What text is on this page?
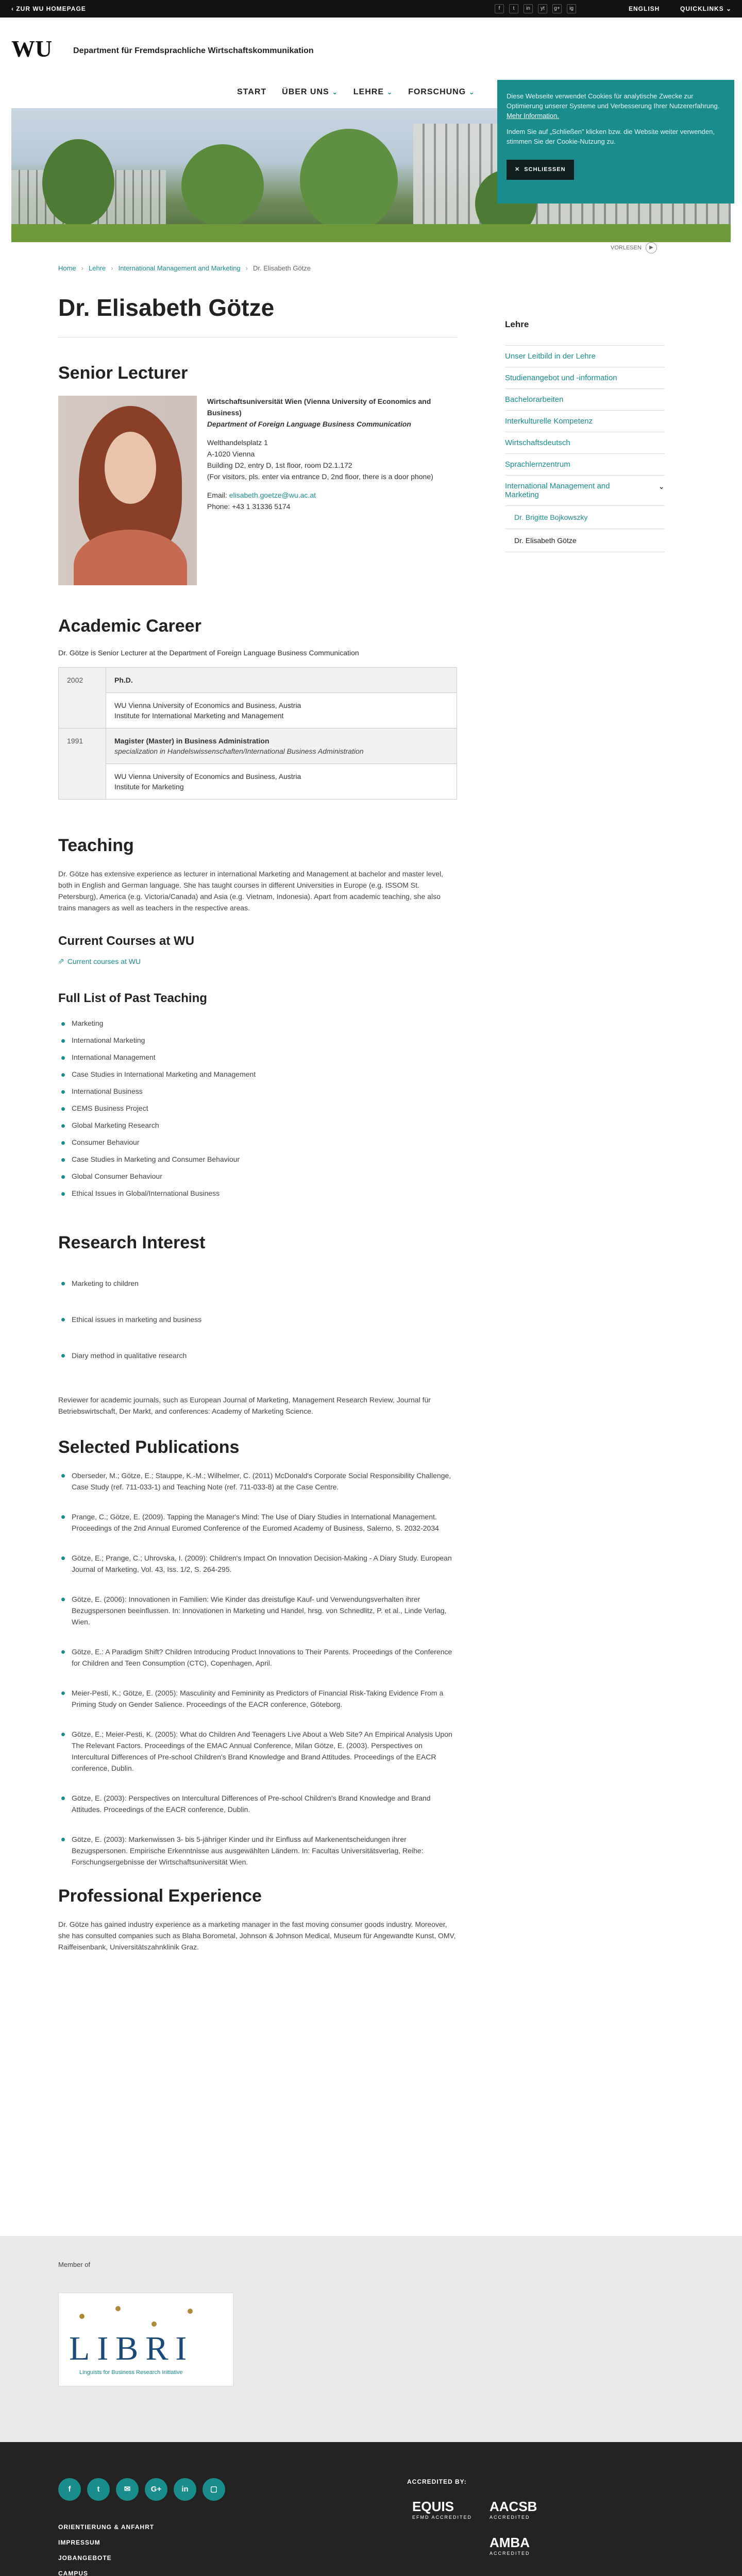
‹ ZUR WU HOMEPAGE	f	t	in	yt	g+	ig	ENGLISH	QUICKLINKS ⌄
WU	Department für Fremdsprachliche Wirtschaftskommunikation
START ÜBER UNS ⌄ LEHRE ⌄ FORSCHUNG ⌄	Diese Webseite verwendet Cookies für analytische Zwecke zur Optimierung unserer Systeme und Verbesserung Ihrer Nutzererfahrung. Mehr Information.

Indem Sie auf „Schließen" klicken bzw. die Website weiter verwenden, stimmen Sie der Cookie-Nutzung zu.

✕ SCHLIESSEN
VORLESEN	▶
Home › Lehre › International Management and Marketing › Dr. Elisabeth Götze
Dr. Elisabeth Götze
Senior Lecturer
Wirtschaftsuniversität Wien (Vienna University of Economics and Business)
Department of Foreign Language Business Communication
Welthandelsplatz 1
A-1020 Vienna
Building D2, entry D, 1st floor, room D2.1.172
(For visitors, pls. enter via entrance D, 2nd floor, there is a door phone)
Email: elisabeth.goetze@wu.ac.at
Phone: +43 1 31336 5174
Academic Career

Dr. Götze is Senior Lecturer at the Department of Foreign Language Business Communication

2002	Ph.D.

	WU Vienna University of Economics and Business, Austria
Institute for International Marketing and Management

1991	Magister (Master) in Business Administration
specialization in Handelswissenschaften/International Business Administration

	WU Vienna University of Economics and Business, Austria
Institute for Marketing
Teaching

Dr. Götze has extensive experience as lecturer in international Marketing and Management at bachelor and master level, both in English and German language. She has taught courses in different Universities in Europe (e.g. ISSOM St. Petersburg), America (e.g. Victoria/Canada) and Asia (e.g. Vietnam, Indonesia). Apart from academic teaching, she also trains managers as well as teachers in the respective areas.

Current Courses at WU
⇗ Current courses at WU
Full List of Past Teaching
Marketing
International Marketing
International Management
Case Studies in International Marketing and Management
International Business
CEMS Business Project
Global Marketing Research
Consumer Behaviour
Case Studies in Marketing and Consumer Behaviour
Global Consumer Behaviour
Ethical Issues in Global/International Business
Research Interest
Marketing to children
Ethical issues in marketing and business
Diary method in qualitative research

Reviewer for academic journals, such as European Journal of Marketing, Management Research Review, Journal für Betriebswirtschaft, Der Markt, and conferences: Academy of Marketing Science.

Selected Publications
Oberseder, M.; Götze, E.; Stauppe, K.-M.; Wilhelmer, C. (2011) McDonald's Corporate Social Responsibility Challenge, Case Study (ref. 711-033-1) and Teaching Note (ref. 711-033-8) at the Case Centre.
Prange, C.; Götze, E. (2009). Tapping the Manager's Mind: The Use of Diary Studies in International Management. Proceedings of the 2nd Annual Euromed Conference of the Euromed Academy of Business, Salerno, S. 2032-2034
Götze, E.; Prange, C.; Uhrovska, I. (2009): Children's Impact On Innovation Decision-Making - A Diary Study. European Journal of Marketing, Vol. 43, Iss. 1/2, S. 264-295.
Götze, E. (2006): Innovationen in Familien: Wie Kinder das dreistufige Kauf- und Verwendungsverhalten ihrer Bezugspersonen beeinflussen. In: Innovationen in Marketing und Handel, hrsg. von Schnedlitz, P. et al., Linde Verlag, Wien.
Götze, E.: A Paradigm Shift? Children Introducing Product Innovations to Their Parents. Proceedings of the Conference for Children and Teen Consumption (CTC), Copenhagen, April.
Meier-Pesti, K.; Götze, E. (2005): Masculinity and Femininity as Predictors of Financial Risk-Taking Evidence From a Priming Study on Gender Salience. Proceedings of the EACR conference, Göteborg.
Götze, E.; Meier-Pesti, K. (2005): What do Children And Teenagers Live About a Web Site? An Empirical Analysis Upon The Relevant Factors. Proceedings of the EMAC Annual Conference, Milan Götze, E. (2003). Perspectives on Intercultural Differences of Pre-school Children's Brand Knowledge and Brand Attitudes. Proceedings of the EACR conference, Dublin.
Götze, E. (2003): Perspectives on Intercultural Differences of Pre-school Children's Brand Knowledge and Brand Attitudes. Proceedings of the EACR conference, Dublin.
Götze, E. (2003): Markenwissen 3- bis 5-jähriger Kinder und ihr Einfluss auf Markenentscheidungen ihrer Bezugspersonen. Empirische Erkenntnisse aus ausgewählten Ländern. In: Facultas Universitätsverlag, Reihe: Forschungsergebnisse der Wirtschaftsuniversität Wien.
Professional Experience

Dr. Götze has gained industry experience as a marketing manager in the fast moving consumer goods industry. Moreover, she has consulted companies such as Blaha Borometal, Johnson & Johnson Medical, Museum für Angewandte Kunst, OMV, Raiffeisenbank, Universitätszahnklinik Graz.

Lehre
Unser Leitbild in der Lehre
Studienangebot und -information
Bachelorarbeiten
Interkulturelle Kompetenz
Wirtschaftsdeutsch
Sprachlernzentrum
International Management and Marketing
⌄
Dr. Brigitte Bojkowszky
Dr. Elisabeth Götze
Member of
LIBRI
Linguists for Business Research Initiative
f	t	✉	G+	in	▢
ORIENTIERUNG & ANFAHRT
IMPRESSUM
JOBANGEBOTE
CAMPUS
ACCREDITED BY:
EQUIS
EFMD ACCREDITED
AACSB
ACCREDITED
AMBA
ACCREDITED
